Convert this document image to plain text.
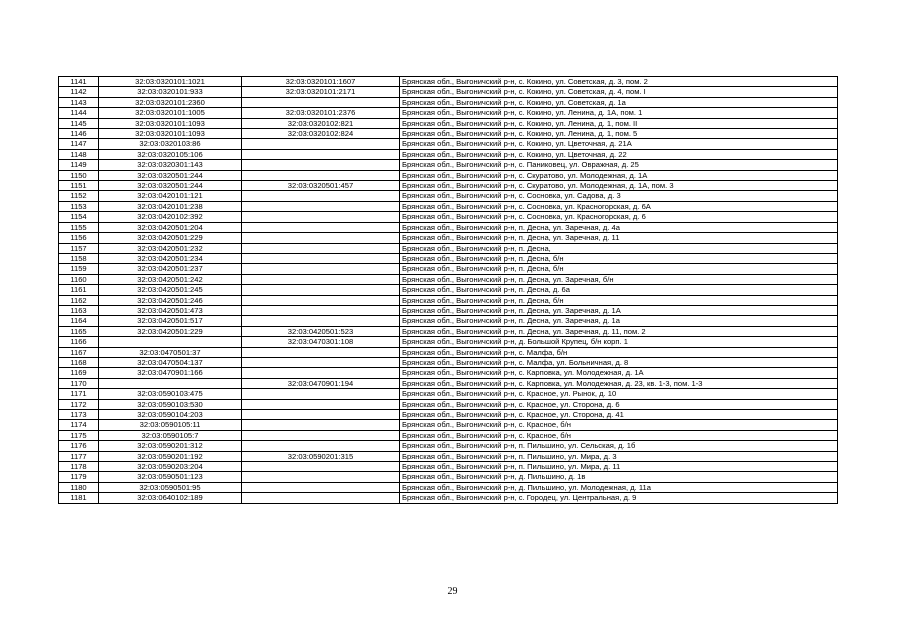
1141	32:03:0320101:1021	32:03:0320101:1607	Брянская обл., Выгоничский р-н, с. Кокино, ул. Советская, д. 3, пом. 2
1142	32:03:0320101:933	32:03:0320101:2171	Брянская обл., Выгоничский р-н, с. Кокино, ул. Советская, д. 4, пом. I
1143	32:03:0320101:2360		Брянская обл., Выгоничский р-н, с. Кокино, ул. Советская, д. 1а
1144	32:03:0320101:1005	32:03:0320101:2376	Брянская обл., Выгоничский р-н, с. Кокино, ул. Ленина, д. 1А, пом. 1
1145	32:03:0320101:1093	32:03:0320102:821	Брянская обл., Выгоничский р-н, с. Кокино, ул. Ленина, д. 1, пом. II
1146	32:03:0320101:1093	32:03:0320102:824	Брянская обл., Выгоничский р-н, с. Кокино, ул. Ленина, д. 1, пом. 5
1147	32:03:0320103:86		Брянская обл., Выгоничский р-н, с. Кокино, ул. Цветочная, д. 21А
1148	32:03:0320105:106		Брянская обл., Выгоничский р-н, с. Кокино, ул. Цветочная, д. 22
1149	32:03:0320301:143		Брянская обл., Выгоничский р-н, с. Паниковец, ул. Овражная, д. 25
1150	32:03:0320501:244		Брянская обл., Выгоничский р-н, с. Скуратово, ул. Молодежная, д. 1А
1151	32:03:0320501:244	32:03:0320501:457	Брянская обл., Выгоничский р-н, с. Скуратово, ул. Молодежная, д. 1А, пом. 3
1152	32:03:0420101:121		Брянская обл., Выгоничский р-н, с. Сосновка, ул. Садова, д. 3
1153	32:03:0420101:238		Брянская обл., Выгоничский р-н, с. Сосновка, ул. Красногорская, д. 6А
1154	32:03:0420102:392		Брянская обл., Выгоничский р-н, с. Сосновка, ул. Красногорская, д. 6
1155	32:03:0420501:204		Брянская обл., Выгоничский р-н, п. Десна, ул. Заречная, д. 4а
1156	32:03:0420501:229		Брянская обл., Выгоничский р-н, п. Десна, ул. Заречная, д. 11
1157	32:03:0420501:232		Брянская обл., Выгоничский р-н, п. Десна,
1158	32:03:0420501:234		Брянская обл., Выгоничский р-н, п. Десна, б/н
1159	32:03:0420501:237		Брянская обл., Выгоничский р-н, п. Десна, б/н
1160	32:03:0420501:242		Брянская обл., Выгоничский р-н, п. Десна, ул. Заречная, б/н
1161	32:03:0420501:245		Брянская обл., Выгоничский р-н, п. Десна, д. 6а
1162	32:03:0420501:246		Брянская обл., Выгоничский р-н, п. Десна, б/н
1163	32:03:0420501:473		Брянская обл., Выгоничский р-н, п. Десна, ул. Заречная, д. 1А
1164	32:03:0420501:517		Брянская обл., Выгоничский р-н, п. Десна, ул. Заречная, д. 1а
1165	32:03:0420501:229	32:03:0420501:523	Брянская обл., Выгоничский р-н, п. Десна, ул. Заречная, д. 11, пом. 2
1166		32:03:0470301:108	Брянская обл., Выгоничский р-н, д. Большой Крупец, б/н корп. 1
1167	32:03:0470501:37		Брянская обл., Выгоничский р-н, с. Малфа, б/н
1168	32:03:0470504:137		Брянская обл., Выгоничский р-н, с. Малфа, ул. Больничная, д. 8
1169	32:03:0470901:166		Брянская обл., Выгоничский р-н, с. Карповка, ул. Молодежная, д. 1А
1170		32:03:0470901:194	Брянская обл., Выгоничский р-н, с. Карповка, ул. Молодежная, д. 23, кв. 1-3, пом. 1-3
1171	32:03:0590103:475		Брянская обл., Выгоничский р-н, с. Красное, ул. Рынок, д. 10
1172	32:03:0590103:530		Брянская обл., Выгоничский р-н, с. Красное, ул. Сторона, д. 6
1173	32:03:0590104:203		Брянская обл., Выгоничский р-н, с. Красное, ул. Сторона, д. 41
1174	32:03:0590105:11		Брянская обл., Выгоничский р-н, с. Красное, б/н
1175	32:03:0590105:7		Брянская обл., Выгоничский р-н, с. Красное, б/н
1176	32:03:0590201:312		Брянская обл., Выгоничский р-н, п. Пильшино, ул. Сельская, д. 1б
1177	32:03:0590201:192	32:03:0590201:315	Брянская обл., Выгоничский р-н, п. Пильшино, ул. Мира, д. 3
1178	32:03:0590203:204		Брянская обл., Выгоничский р-н, п. Пильшино, ул. Мира, д. 11
1179	32:03:0590501:123		Брянская обл., Выгоничский р-н, д. Пильшино, д. 1в
1180	32:03:0590501:95		Брянская обл., Выгоничский р-н, д. Пильшино, ул. Молодежная, д. 11а
1181	32:03:0640102:189		Брянская обл., Выгоничский р-н, с. Городец, ул. Центральная, д. 9
29
